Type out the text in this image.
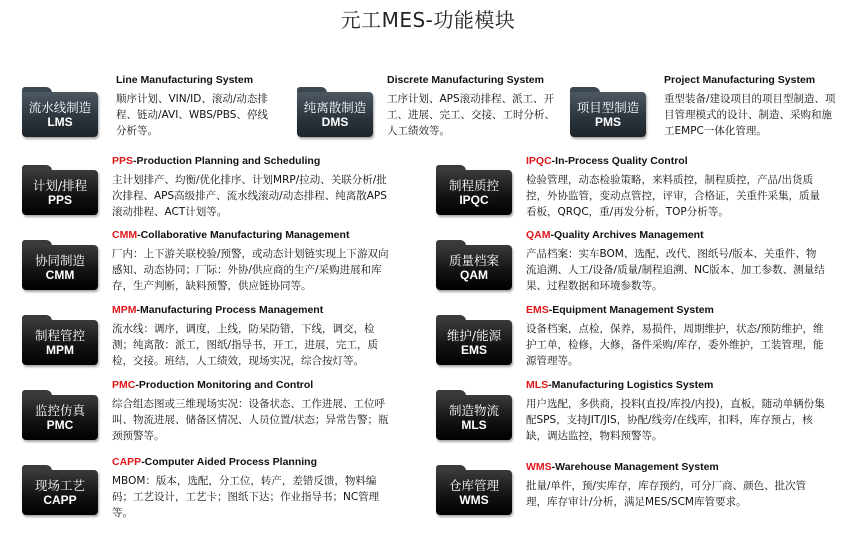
元工MES-功能模块
流水线制造
LMS
Line Manufacturing System
顺序计划、VIN/ID、滚动/动态排程、链动/AVI、WBS/PBS、停线分析等。
纯离散制造
DMS
Discrete Manufacturing System
工序计划、APS滚动排程、派工、开工、进展、完工、交接、工时分析、人工绩效等。
项目型制造
PMS
Project Manufacturing System
重型装备/建设项目的项目型制造、项目管理模式的设计、制造、采购和施工EMPC一体化管理。
计划/排程
PPS
PPS-Production Planning and Scheduling
主计划排产、均衡/优化排序、计划MRP/拉动、关联分析/批次排程、APS高级排产、流水线滚动/动态排程、纯离散APS滚动排程、ACT计划等。
协同制造
CMM
CMM-Collaborative Manufacturing Management
厂内：上下游关联校验/预警，或动态计划链实现上下游双向感知、动态协同；厂际：外协/供应商的生产/采购进展和库存，生产判断，缺料预警，供应链协同等。
制程管控
MPM
MPM-Manufacturing Process Management
流水线：调序，调度，上线，防呆防错，下线，调交，检测；纯离散：派工，图纸/指导书，开工，进展，完工，质检，交接。班结，人工绩效，现场实况，综合按灯等。
监控仿真
PMC
PMC-Production Monitoring and Control
综合组态图或三维现场实况：设备状态、工作进展、工位呼叫、物流进展、储备区情况、人员位置/状态；异常告警；瓶颈预警等。
现场工艺
CAPP
CAPP-Computer Aided Process Planning
MBOM：版本，选配，分工位，转产，差错反馈，物料编码；工艺设计，工艺卡；图纸下达；作业指导书；NC管理等。
制程质控
IPQC
IPQC-In-Process Quality Control
检验管理，动态检验策略，来料质控，制程质控，产品/出货质控，外协监管，变动点管控，评审，合格证，关重件采集，质量看板，QRQC，重/再发分析，TOP分析等。
质量档案
QAM
QAM-Quality Archives Management
产品档案：实车BOM、选配、改代、图纸号/版本、关重件、物流追溯、人工/设备/质量/制程追溯、NC版本、加工参数、测量结果、过程数据和环境参数等。
维护/能源
EMS
EMS-Equipment Management System
设备档案，点检，保养，易损件，周期维护，状态/预防维护，维护工单，检修，大修，备件采购/库存，委外维护，工装管理，能源管理等。
制造物流
MLS
MLS-Manufacturing Logistics System
用户选配，多供商，投料(直投/库投/内投)，直板，随动单辆份集配SPS，支持JIT/JIS，协配/线旁/在线库，扣料，库存预占，核缺，调达监控，物料预警等。
仓库管理
WMS
WMS-Warehouse Management System
批量/单件，预/实库存，库存预约，可分厂商、颜色、批次管理，库存审计/分析，满足MES/SCM库管要求。
